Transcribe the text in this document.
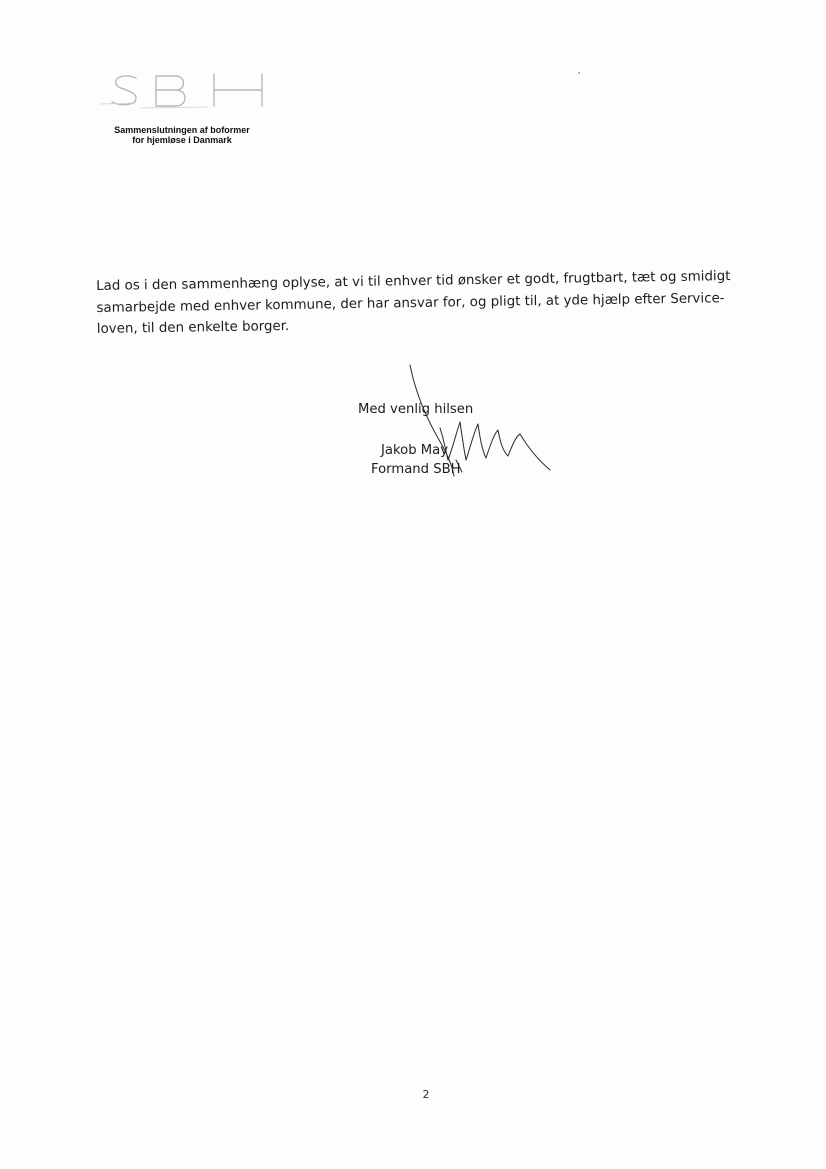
Sammenslutningen af boformer
for hjemløse i Danmark
Lad os i den sammenhæng oplyse, at vi til enhver tid ønsker et godt, frugtbart, tæt og smidigt
samarbejde med enhver kommune, der har ansvar for, og pligt til, at yde hjælp efter Service-
loven, til den enkelte borger.
Med venlig hilsen
Jakob May
Formand SBH
2
